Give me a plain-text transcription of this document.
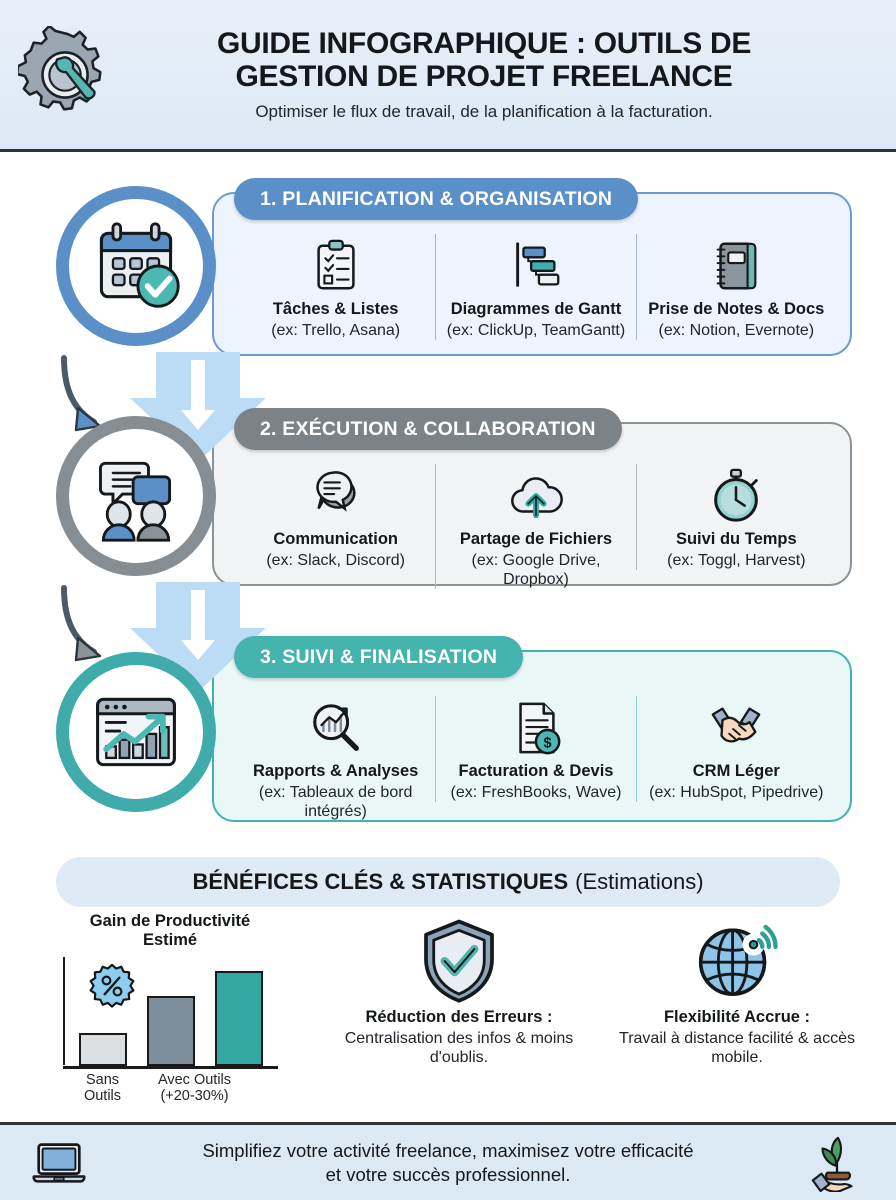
GUIDE INFOGRAPHIQUE : OUTILS DE
GESTION DE PROJET FREELANCE
Optimiser le flux de travail, de la planification à la facturation.
1. PLANIFICATION & ORGANISATION
Tâches & Listes
(ex: Trello, Asana)
Diagrammes de Gantt
(ex: ClickUp, TeamGantt)
Prise de Notes & Docs
(ex: Notion, Evernote)
2. EXÉCUTION & COLLABORATION
Communication
(ex: Slack, Discord)
Partage de Fichiers
(ex: Google Drive, Dropbox)
Suivi du Temps
(ex: Toggl, Harvest)
3. SUIVI & FINALISATION
Rapports & Analyses
(ex: Tableaux de bord intégrés)
$
Facturation & Devis
(ex: FreshBooks, Wave)
CRM Léger
(ex: HubSpot, Pipedrive)
BÉNÉFICES CLÉS & STATISTIQUES (Estimations)
Gain de Productivité
Estimé
Sans Outils
Avec Outils (+20-30%)
Réduction des Erreurs :
Centralisation des infos & moins d'oublis.
Flexibilité Accrue :
Travail à distance facilité & accès mobile.
Simplifiez votre activité freelance, maximisez votre efficacité
et votre succès professionnel.
